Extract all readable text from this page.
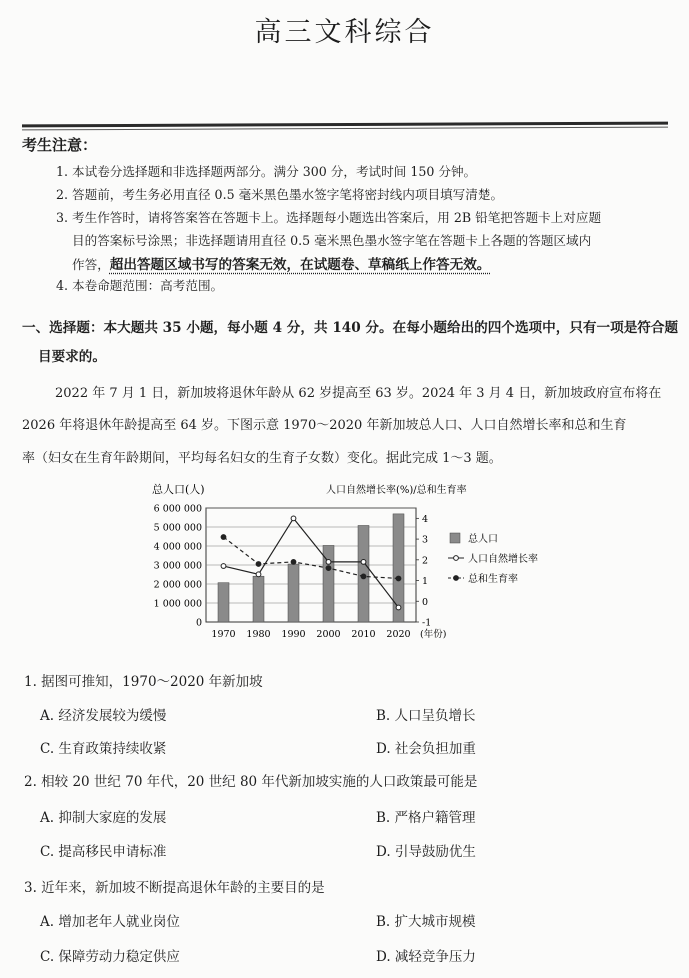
高三文科综合
考生注意：
1. 本试卷分选择题和非选择题两部分。满分 300 分，考试时间 150 分钟。
2. 答题前，考生务必用直径 0.5 毫米黑色墨水签字笔将密封线内项目填写清楚。
3. 考生作答时，请将答案答在答题卡上。选择题每小题选出答案后，用 2B 铅笔把答题卡上对应题
目的答案标号涂黑；非选择题请用直径 0.5 毫米黑色墨水签字笔在答题卡上各题的答题区域内
作答，超出答题区域书写的答案无效，在试题卷、草稿纸上作答无效。
4. 本卷命题范围：高考范围。
一、选择题：本大题共 35 小题，每小题 4 分，共 140 分。在每小题给出的四个选项中，只有一项是符合题
目要求的。
2022 年 7 月 1 日，新加坡将退休年龄从 62 岁提高至 63 岁。2024 年 3 月 4 日，新加坡政府宣布将在
2026 年将退休年龄提高至 64 岁。下图示意 1970～2020 年新加坡总人口、人口自然增长率和总和生育
率（妇女在生育年龄期间，平均每名妇女的生育子女数）变化。据此完成 1～3 题。
总人口(人)	人口自然增长率(%)/总和生育率
0
1 000 000
2 000 000
3 000 000
4 000 000
5 000 000
6 000 000
-1
0
1
2
3
4
1970 1980 1990 2000 2010 2020 (年份)
总人口
人口自然增长率
总和生育率
1. 据图可推知，1970～2020 年新加坡
A. 经济发展较为缓慢	B. 人口呈负增长
C. 生育政策持续收紧	D. 社会负担加重
2. 相较 20 世纪 70 年代，20 世纪 80 年代新加坡实施的人口政策最可能是
A. 抑制大家庭的发展	B. 严格户籍管理
C. 提高移民申请标准	D. 引导鼓励优生
3. 近年来，新加坡不断提高退休年龄的主要目的是
A. 增加老年人就业岗位	B. 扩大城市规模
C. 保障劳动力稳定供应	D. 减轻竞争压力
